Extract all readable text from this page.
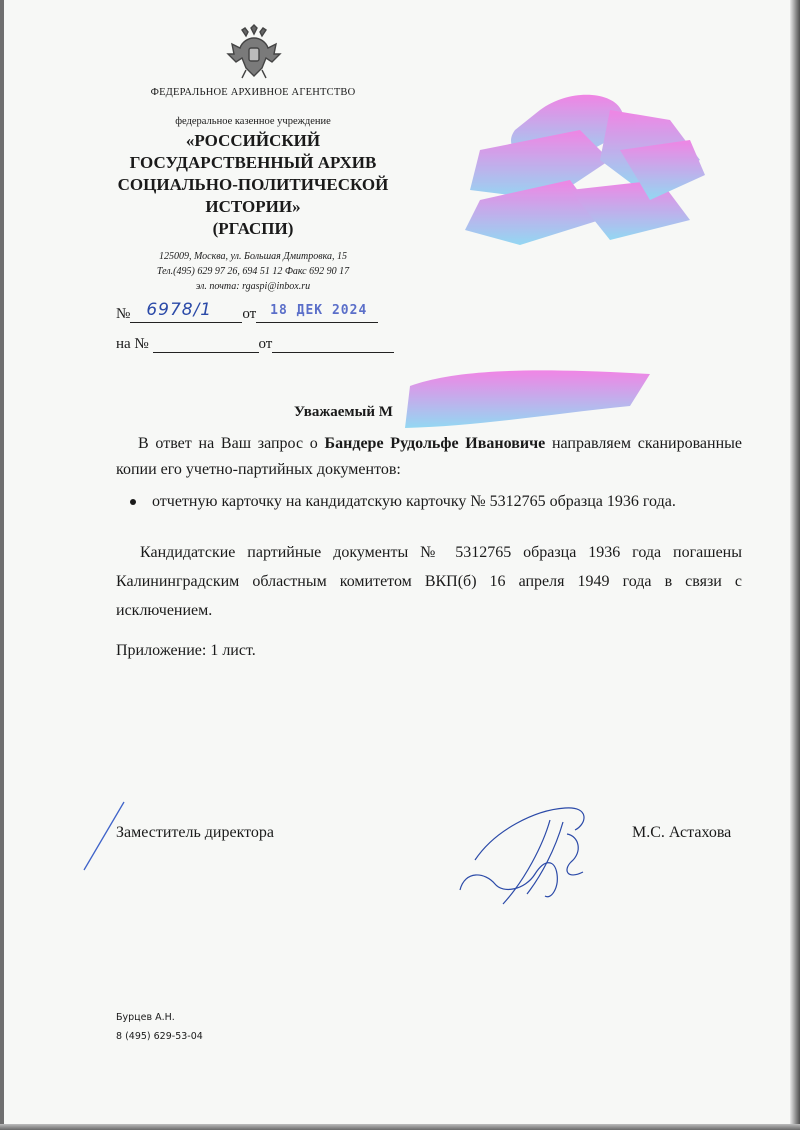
ФЕДЕРАЛЬНОЕ АРХИВНОЕ АГЕНТСТВО
федеральное казенное учреждение
«РОССИЙСКИЙ
ГОСУДАРСТВЕННЫЙ АРХИВ
СОЦИАЛЬНО-ПОЛИТИЧЕСКОЙ
ИСТОРИИ»
(РГАСПИ)
125009, Москва, ул. Большая Дмитровка, 15
Тел.(495) 629 97 26, 694 51 12 Факс 692 90 17
эл. почта: rgaspi@inbox.ru
№ 6978/1 от 18 ДЕК 2024
на №	от
Уважаемый М
В ответ на Ваш запрос о Бандере Рудольфе Ивановиче направляем сканированные копии его учетно-партийных документов:
отчетную карточку на кандидатскую карточку № 5312765 образца 1936 года.
Кандидатские партийные документы № 5312765 образца 1936 года погашены Калининградским областным комитетом ВКП(б) 16 апреля 1949 года в связи с исключением.
Приложение: 1 лист.
Заместитель директора	М.С. Астахова
Бурцев А.Н.
8 (495) 629-53-04
